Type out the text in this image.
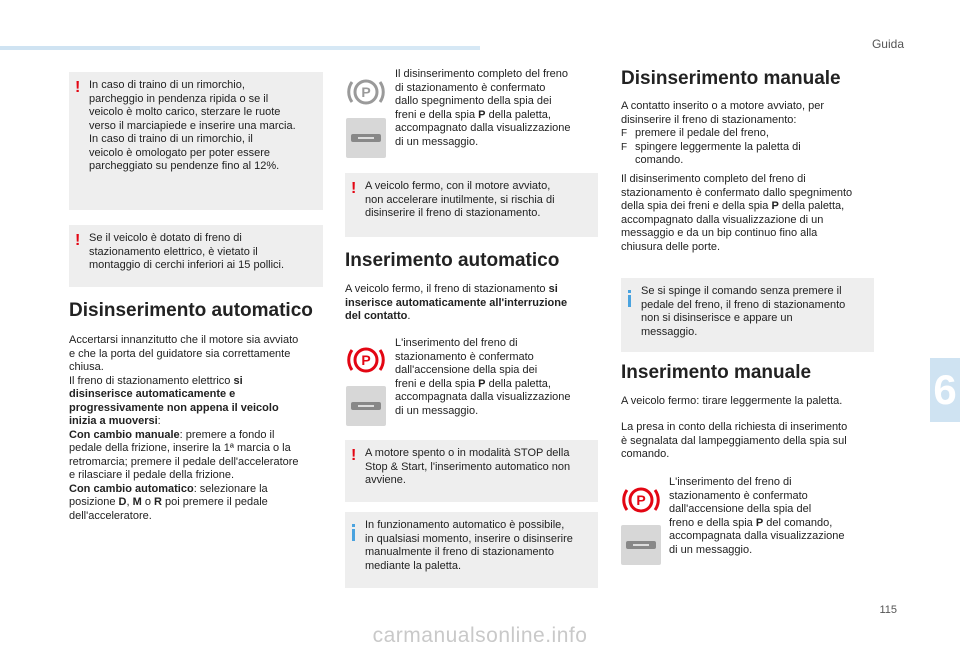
Guida
6
115
! In caso di traino di un rimorchio,
parcheggio in pendenza ripida o se il
veicolo è molto carico, sterzare le ruote
verso il marciapiede e inserire una marcia.
In caso di traino di un rimorchio, il
veicolo è omologato per poter essere
parcheggiato su pendenze fino al 12%.
! Se il veicolo è dotato di freno di
stazionamento elettrico, è vietato il
montaggio di cerchi inferiori ai 15 pollici.
Disinserimento automatico
Accertarsi innanzitutto che il motore sia avviato
e che la porta del guidatore sia correttamente
chiusa.
Il freno di stazionamento elettrico si
disinserisce automaticamente e
progressivamente non appena il veicolo
inizia a muoversi:
Con cambio manuale: premere a fondo il
pedale della frizione, inserire la 1ª marcia o la
retromarcia; premere il pedale dell'acceleratore
e rilasciare il pedale della frizione.
Con cambio automatico: selezionare la
posizione D, M o R poi premere il pedale
dell'acceleratore.
P
Il disinserimento completo del freno
di stazionamento è confermato
dallo spegnimento della spia dei
freni e della spia P della paletta,
accompagnato dalla visualizzazione
di un messaggio.
! A veicolo fermo, con il motore avviato,
non accelerare inutilmente, si rischia di
disinserire il freno di stazionamento.
Inserimento automatico
A veicolo fermo, il freno di stazionamento si
inserisce automaticamente all'interruzione
del contatto.
P
L'inserimento del freno di
stazionamento è confermato
dall'accensione della spia dei
freni e della spia P della paletta,
accompagnata dalla visualizzazione
di un messaggio.
! A motore spento o in modalità STOP della
Stop & Start, l'inserimento automatico non
avviene.
In funzionamento automatico è possibile,
in qualsiasi momento, inserire o disinserire
manualmente il freno di stazionamento
mediante la paletta.
Disinserimento manuale
A contatto inserito o a motore avviato, per
disinserire il freno di stazionamento:
F premere il pedale del freno,
F spingere leggermente la paletta di
comando.
Il disinserimento completo del freno di
stazionamento è confermato dallo spegnimento
della spia dei freni e della spia P della paletta,
accompagnato dalla visualizzazione di un
messaggio e da un bip continuo fino alla
chiusura delle porte.
Se si spinge il comando senza premere il
pedale del freno, il freno di stazionamento
non si disinserisce e appare un
messaggio.
Inserimento manuale
A veicolo fermo: tirare leggermente la paletta.
La presa in conto della richiesta di inserimento
è segnalata dal lampeggiamento della spia sul
comando.
P
L'inserimento del freno di
stazionamento è confermato
dall'accensione della spia del
freno e della spia P del comando,
accompagnata dalla visualizzazione
di un messaggio.
carmanualsonline.info
